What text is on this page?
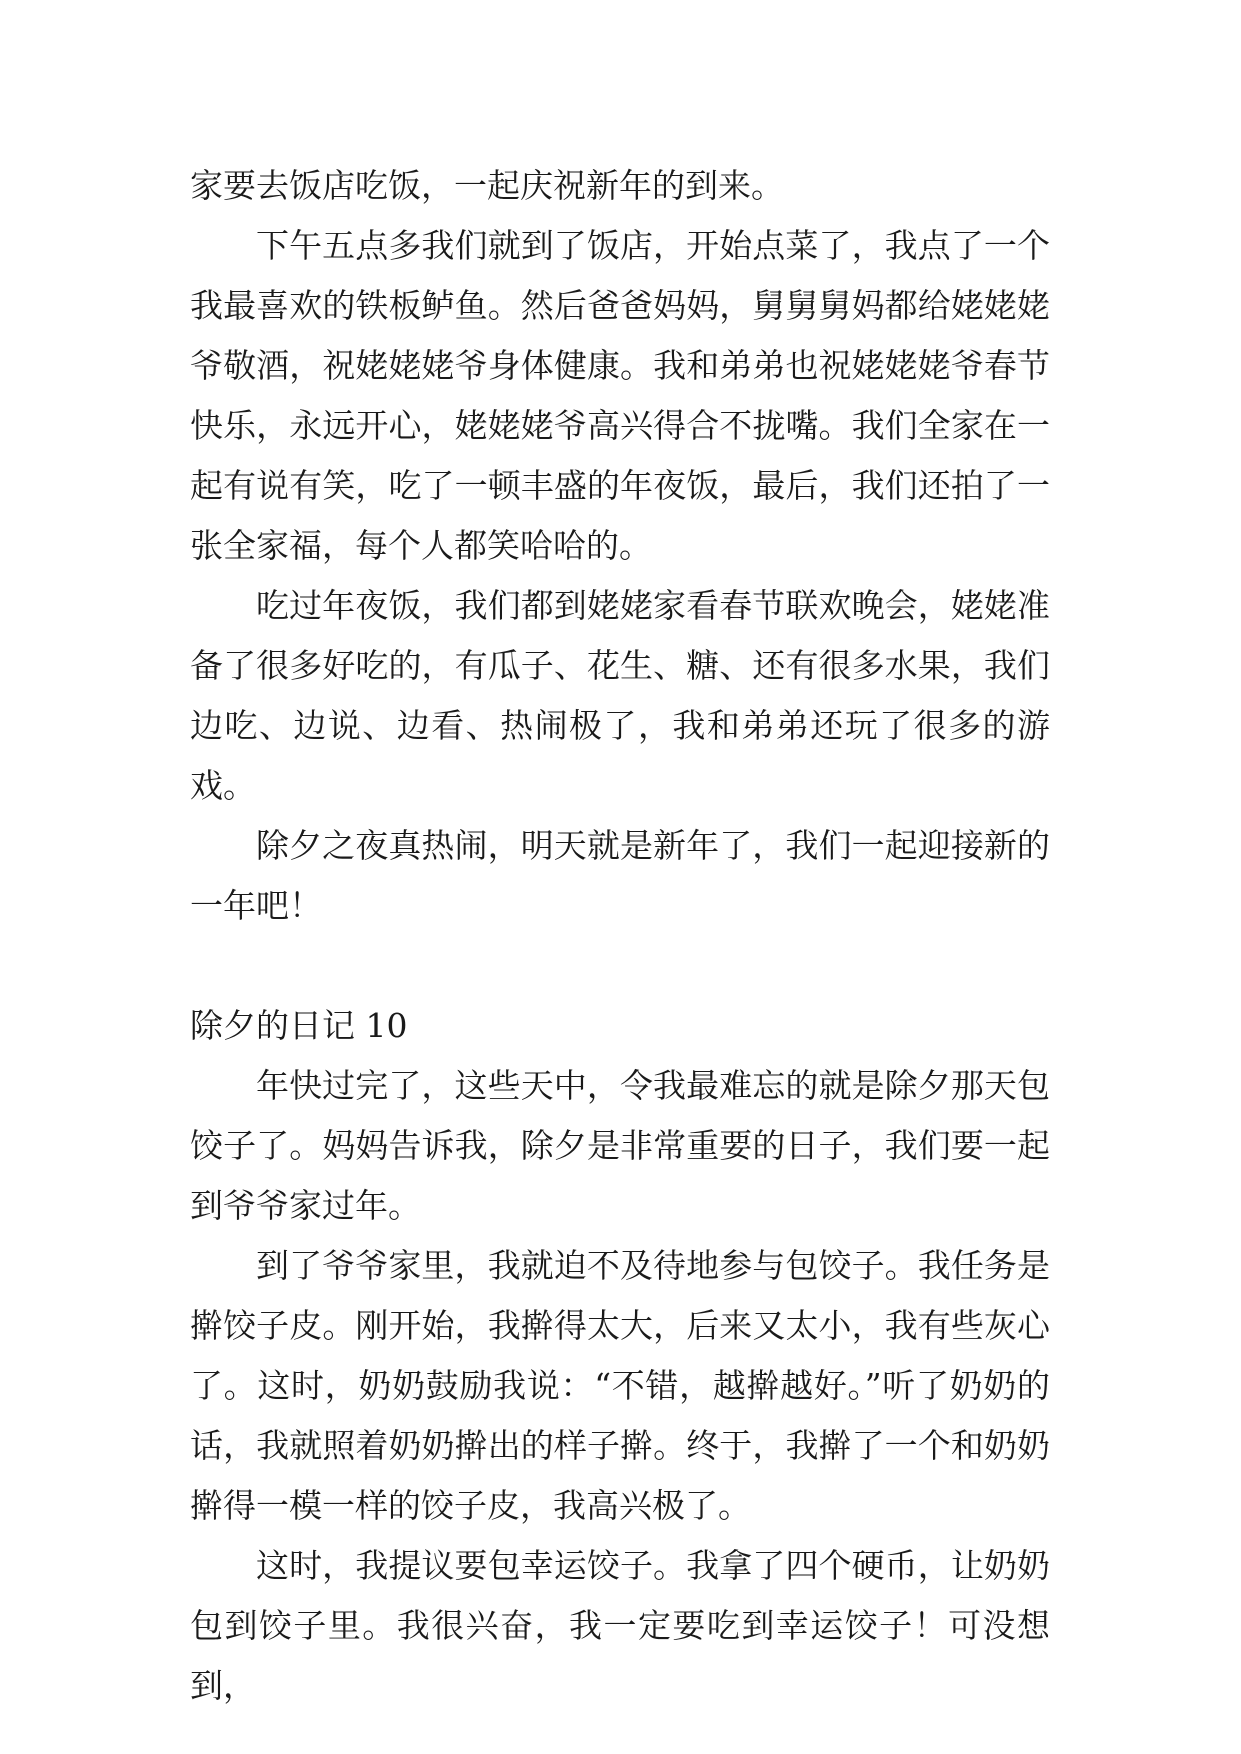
家要去饭店吃饭，一起庆祝新年的到来。

下午五点多我们就到了饭店，开始点菜了，我点了一个我最喜欢的铁板鲈鱼。然后爸爸妈妈，舅舅舅妈都给姥姥姥爷敬酒，祝姥姥姥爷身体健康。我和弟弟也祝姥姥姥爷春节快乐，永远开心，姥姥姥爷高兴得合不拢嘴。我们全家在一起有说有笑，吃了一顿丰盛的年夜饭，最后，我们还拍了一张全家福，每个人都笑哈哈的。

吃过年夜饭，我们都到姥姥家看春节联欢晚会，姥姥准备了很多好吃的，有瓜子、花生、糖、还有很多水果，我们边吃、边说、边看、热闹极了，我和弟弟还玩了很多的游戏。

除夕之夜真热闹，明天就是新年了，我们一起迎接新的一年吧！

除夕的日记 10

年快过完了，这些天中，令我最难忘的就是除夕那天包饺子了。妈妈告诉我，除夕是非常重要的日子，我们要一起到爷爷家过年。

到了爷爷家里，我就迫不及待地参与包饺子。我任务是擀饺子皮。刚开始，我擀得太大，后来又太小，我有些灰心了。这时，奶奶鼓励我说：“不错，越擀越好。”听了奶奶的话，我就照着奶奶擀出的样子擀。终于，我擀了一个和奶奶擀得一模一样的饺子皮，我高兴极了。

这时，我提议要包幸运饺子。我拿了四个硬币，让奶奶包到饺子里。我很兴奋，我一定要吃到幸运饺子！可没想到，
